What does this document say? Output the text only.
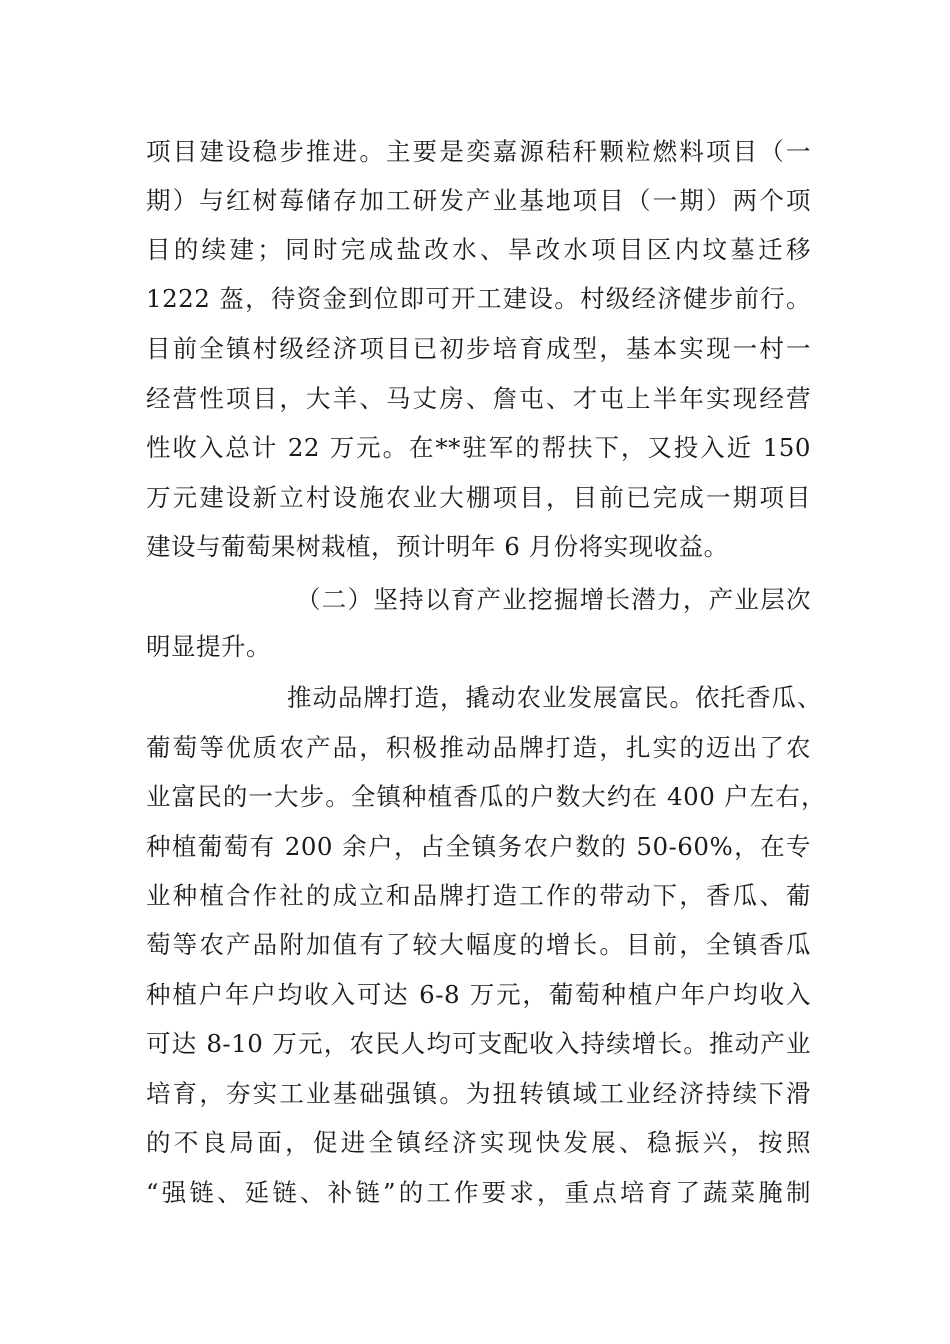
项目建设稳步推进。主要是奕嘉源秸秆颗粒燃料项目（一
期）与红树莓储存加工研发产业基地项目（一期）两个项
目的续建；同时完成盐改水、旱改水项目区内坟墓迁移
1222 盔，待资金到位即可开工建设。村级经济健步前行。
目前全镇村级经济项目已初步培育成型，基本实现一村一
经营性项目，大羊、马丈房、詹屯、才屯上半年实现经营
性收入总计 22 万元。在**驻军的帮扶下，又投入近 150
万元建设新立村设施农业大棚项目，目前已完成一期项目
建设与葡萄果树栽植，预计明年 6 月份将实现收益。
（二）坚持以育产业挖掘增长潜力，产业层次
明显提升。
推动品牌打造，撬动农业发展富民。依托香瓜、
葡萄等优质农产品，积极推动品牌打造，扎实的迈出了农
业富民的一大步。全镇种植香瓜的户数大约在 400 户左右，
种植葡萄有 200 余户，占全镇务农户数的 50-60%，在专
业种植合作社的成立和品牌打造工作的带动下，香瓜、葡
萄等农产品附加值有了较大幅度的增长。目前，全镇香瓜
种植户年户均收入可达 6-8 万元，葡萄种植户年户均收入
可达 8-10 万元，农民人均可支配收入持续增长。推动产业
培育，夯实工业基础强镇。为扭转镇域工业经济持续下滑
的不良局面，促进全镇经济实现快发展、稳振兴，按照
“强链、延链、补链”的工作要求，重点培育了蔬菜腌制
